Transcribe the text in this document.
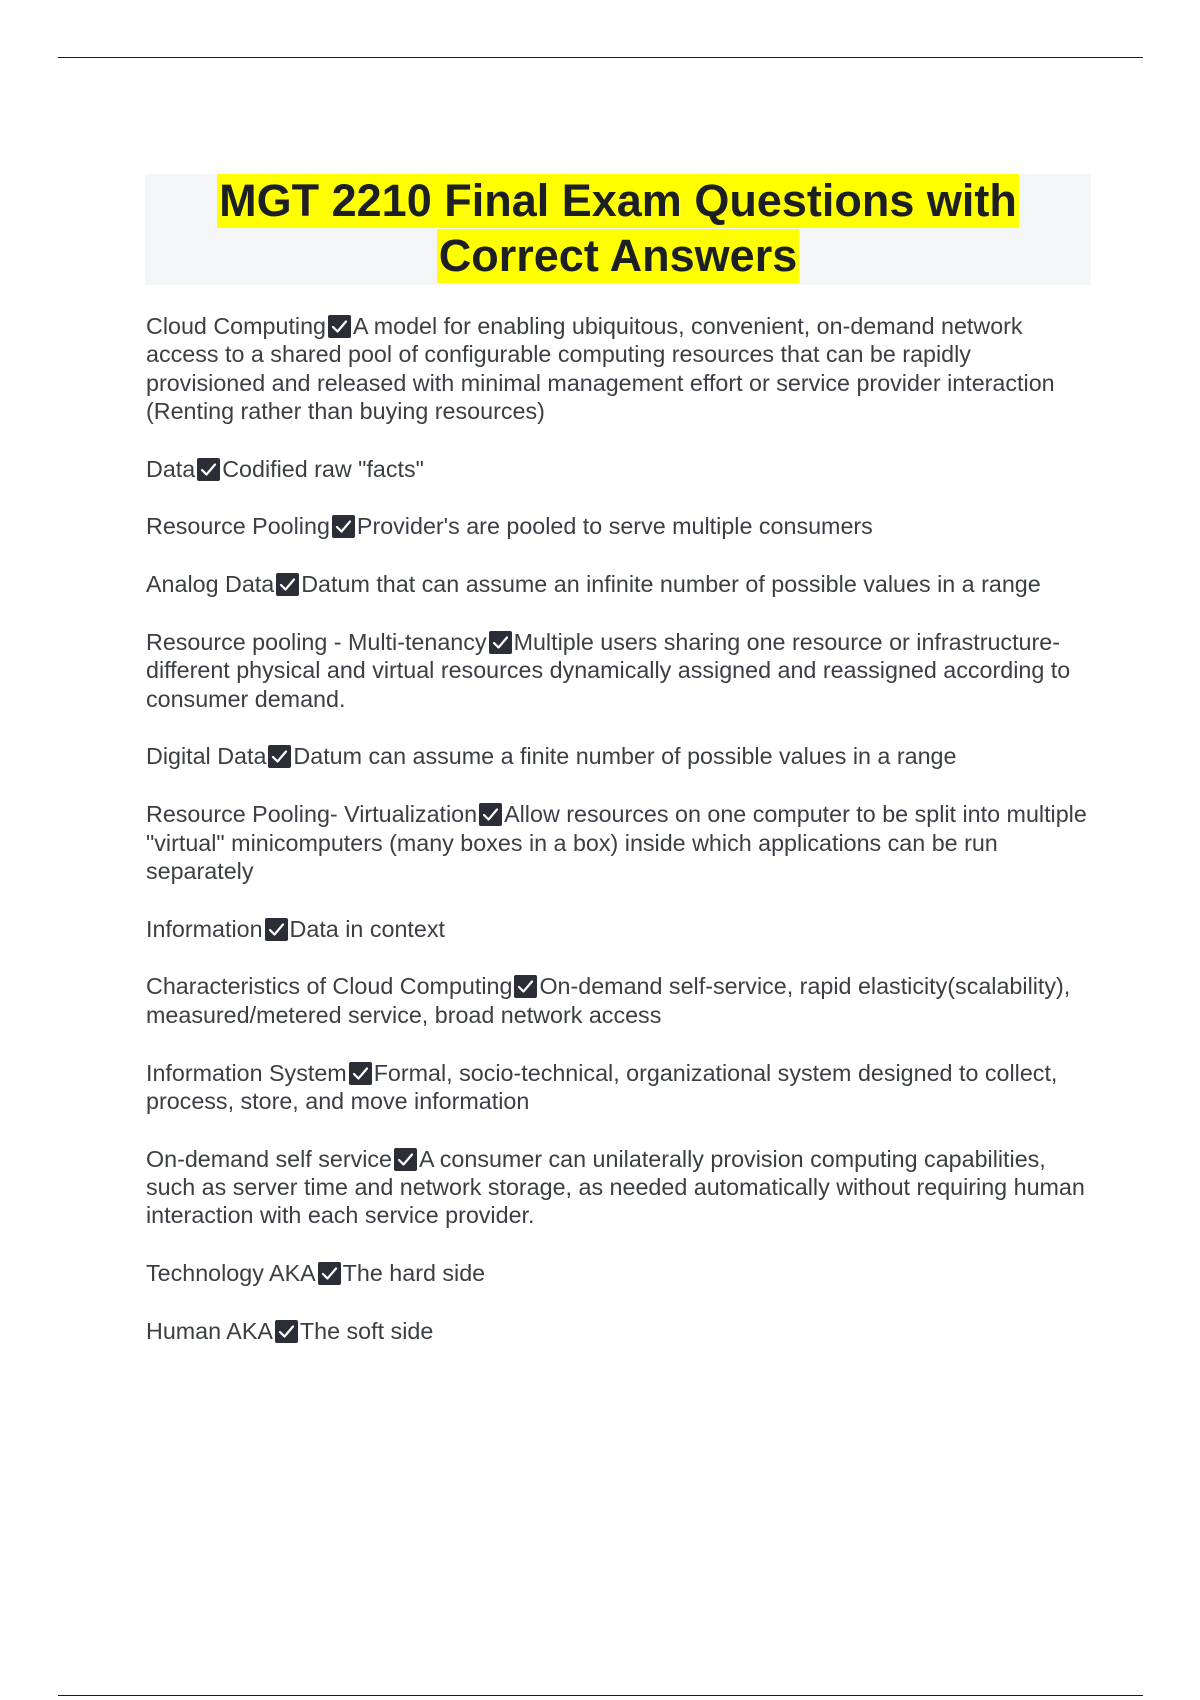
MGT 2210 Final Exam Questions with
Correct Answers

Cloud Computing A model for enabling ubiquitous, convenient, on-demand network access to a shared pool of configurable computing resources that can be rapidly provisioned and released with minimal management effort or service provider interaction (Renting rather than buying resources)

Data Codified raw "facts"

Resource Pooling Provider's are pooled to serve multiple consumers

Analog Data Datum that can assume an infinite number of possible values in a range

Resource pooling - Multi-tenancy Multiple users sharing one resource or infrastructure-different physical and virtual resources dynamically assigned and reassigned according to consumer demand.

Digital Data Datum can assume a finite number of possible values in a range

Resource Pooling- Virtualization Allow resources on one computer to be split into multiple "virtual" minicomputers (many boxes in a box) inside which applications can be run separately

Information Data in context

Characteristics of Cloud Computing On-demand self-service, rapid elasticity(scalability), measured/metered service, broad network access

Information System Formal, socio-technical, organizational system designed to collect, process, store, and move information

On-demand self service A consumer can unilaterally provision computing capabilities, such as server time and network storage, as needed automatically without requiring human interaction with each service provider.

Technology AKA The hard side

Human AKA The soft side
